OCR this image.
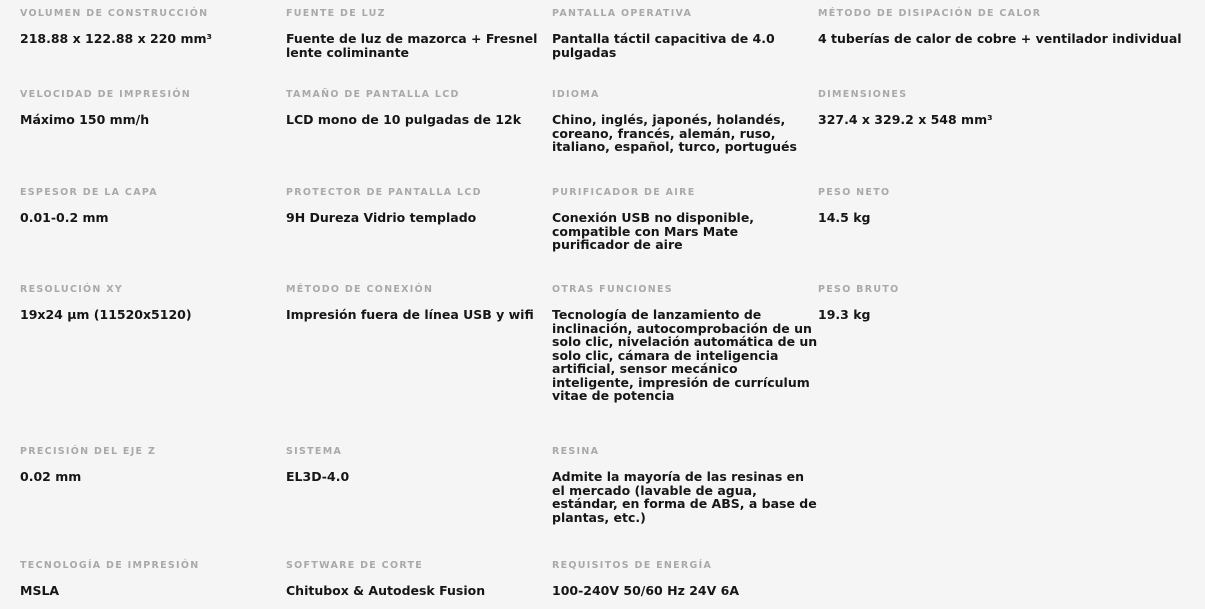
VOLUMEN DE CONSTRUCCIÓN
218.88 x 122.88 x 220 mm³
FUENTE DE LUZ
Fuente de luz de mazorca + Fresnel lente coliminante
PANTALLA OPERATIVA
Pantalla táctil capacitiva de 4.0 pulgadas
MÉTODO DE DISIPACIÓN DE CALOR
4 tuberías de calor de cobre + ventilador individual
VELOCIDAD DE IMPRESIÓN
Máximo 150 mm/h
TAMAÑO DE PANTALLA LCD
LCD mono de 10 pulgadas de 12k
IDIOMA
Chino, inglés, japonés, holandés, coreano, francés, alemán, ruso, italiano, español, turco, portugués
DIMENSIONES
327.4 x 329.2 x 548 mm³
ESPESOR DE LA CAPA
0.01-0.2 mm
PROTECTOR DE PANTALLA LCD
9H Dureza Vidrio templado
PURIFICADOR DE AIRE
Conexión USB no disponible, compatible con Mars Mate purificador de aire
PESO NETO
14.5 kg
RESOLUCIÓN XY
19x24 µm (11520x5120)
MÉTODO DE CONEXIÓN
Impresión fuera de línea USB y wifi
OTRAS FUNCIONES
Tecnología de lanzamiento de inclinación, autocomprobación de un solo clic, nivelación automática de un solo clic, cámara de inteligencia artificial, sensor mecánico inteligente, impresión de currículum vitae de potencia
PESO BRUTO
19.3 kg
PRECISIÓN DEL EJE Z
0.02 mm
SISTEMA
EL3D-4.0
RESINA
Admite la mayoría de las resinas en el mercado (lavable de agua, estándar, en forma de ABS, a base de plantas, etc.)
TECNOLOGÍA DE IMPRESIÓN
MSLA
SOFTWARE DE CORTE
Chitubox & Autodesk Fusion
REQUISITOS DE ENERGÍA
100-240V 50/60 Hz 24V 6A
